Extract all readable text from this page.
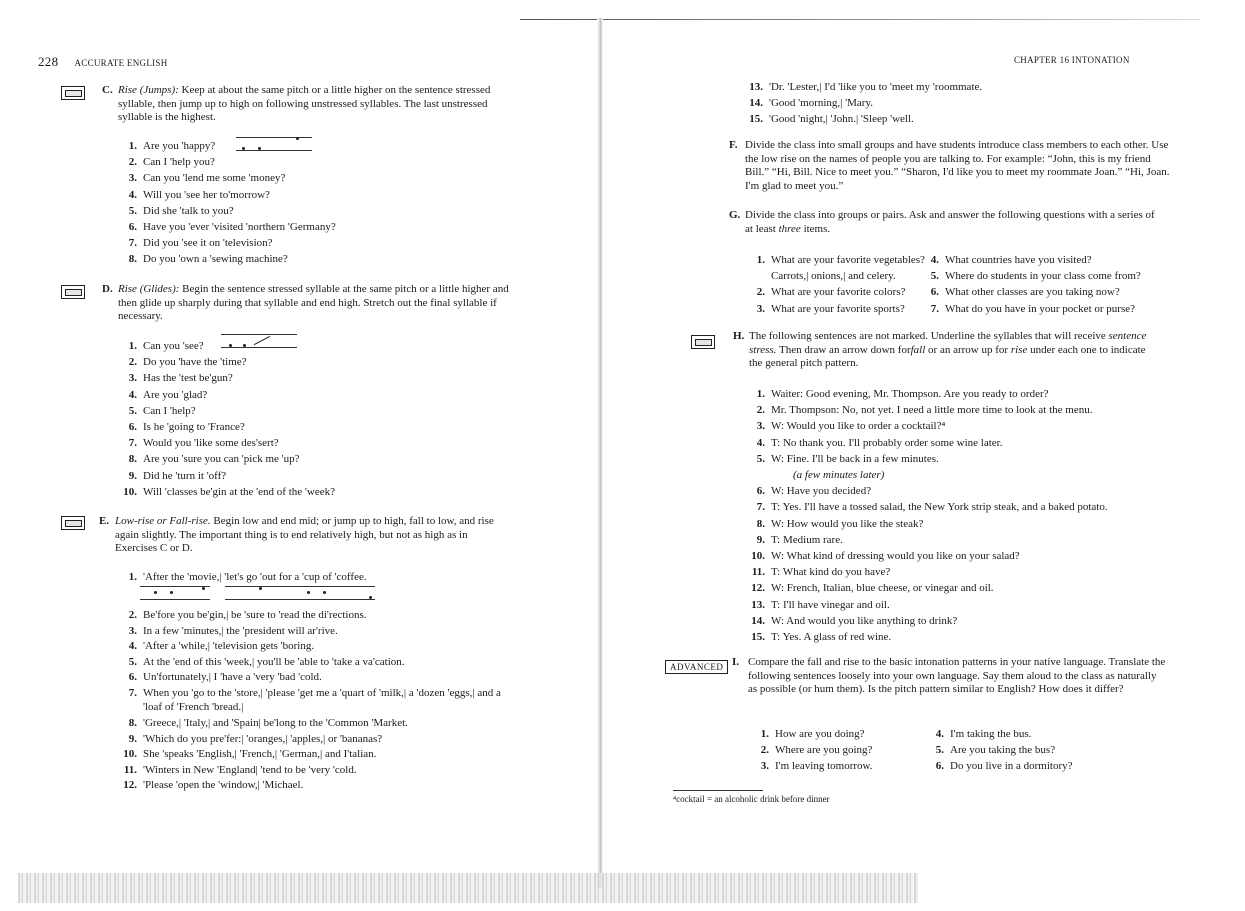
228 ACCURATE ENGLISH
C. Rise (Jumps): Keep at about the same pitch or a little higher on the sentence stressed syllable, then jump up to high on following unstressed syllables. The last unstressed syllable is the highest.
1. Are you 'happy?
2. Can I 'help you?
3. Can you 'lend me some 'money?
4. Will you 'see her to'morrow?
5. Did she 'talk to you?
6. Have you 'ever 'visited 'northern 'Germany?
7. Did you 'see it on 'television?
8. Do you 'own a 'sewing machine?
D. Rise (Glides): Begin the sentence stressed syllable at the same pitch or a little higher and then glide up sharply during that syllable and end high. Stretch out the final syllable if necessary.
1. Can you 'see?
2. Do you 'have the 'time?
3. Has the 'test be'gun?
4. Are you 'glad?
5. Can I 'help?
6. Is he 'going to 'France?
7. Would you 'like some des'sert?
8. Are you 'sure you can 'pick me 'up?
9. Did he 'turn it 'off?
10. Will 'classes be'gin at the 'end of the 'week?
E. Low-rise or Fall-rise. Begin low and end mid; or jump up to high, fall to low, and rise again slightly. The important thing is to end relatively high, but not as high as in Exercises C or D.
1. 'After the 'movie,| 'let's go 'out for a 'cup of 'coffee.
2. Be'fore you be'gin,| be 'sure to 'read the di'rections.
3. In a few 'minutes,| the 'president will ar'rive.
4. 'After a 'while,| 'television gets 'boring.
5. At the 'end of this 'week,| you'll be 'able to 'take a va'cation.
6. Un'fortunately,| I 'have a 'very 'bad 'cold.
7. When you 'go to the 'store,| 'please 'get me a 'quart of 'milk,| a 'dozen 'eggs,| and a 'loaf of 'French 'bread.|
8. 'Greece,| 'Italy,| and 'Spain| be'long to the 'Common 'Market.
9. 'Which do you pre'fer:| 'oranges,| 'apples,| or 'bananas?
10. She 'speaks 'English,| 'French,| 'German,| and I'talian.
11. 'Winters in New 'England| 'tend to be 'very 'cold.
12. 'Please 'open the 'window,| 'Michael.
CHAPTER 16 INTONATION
13. 'Dr. 'Lester,| I'd 'like you to 'meet my 'roommate.
14. 'Good 'morning,| 'Mary.
15. 'Good 'night,| 'John.| 'Sleep 'well.
F. Divide the class into small groups and have students introduce class members to each other. Use the low rise on the names of people you are talking to. For example: “John, this is my friend Bill.” “Hi, Bill. Nice to meet you.” “Sharon, I'd like you to meet my roommate Joan.” “Hi, Joan. I'm glad to meet you.”
G. Divide the class into groups or pairs. Ask and answer the following questions with a series of at least three items.
1. What are your favorite vegetables?
Carrots,| onions,| and celery.
2. What are your favorite colors?
3. What are your favorite sports?
4. What countries have you visited?
5. Where do students in your class come from?
6. What other classes are you taking now?
7. What do you have in your pocket or purse?
H. The following sentences are not marked. Underline the syllables that will receive sentence stress. Then draw an arrow down forfall or an arrow up for rise under each one to indicate the general pitch pattern.
1. Waiter: Good evening, Mr. Thompson. Are you ready to order?
2. Mr. Thompson: No, not yet. I need a little more time to look at the menu.
3. W: Would you like to order a cocktail?⁴
4. T: No thank you. I'll probably order some wine later.
5. W: Fine. I'll be back in a few minutes.
(a few minutes later)
6. W: Have you decided?
7. T: Yes. I'll have a tossed salad, the New York strip steak, and a baked potato.
8. W: How would you like the steak?
9. T: Medium rare.
10. W: What kind of dressing would you like on your salad?
11. T: What kind do you have?
12. W: French, Italian, blue cheese, or vinegar and oil.
13. T: I'll have vinegar and oil.
14. W: And would you like anything to drink?
15. T: Yes. A glass of red wine.
ADVANCED I. Compare the fall and rise to the basic intonation patterns in your native language. Translate the following sentences loosely into your own language. Say them aloud to the class as naturally as possible (or hum them). Is the pitch pattern similar to English? How does it differ?
1. How are you doing?
2. Where are you going?
3. I'm leaving tomorrow.
4. I'm taking the bus.
5. Are you taking the bus?
6. Do you live in a dormitory?
⁴cocktail = an alcoholic drink before dinner
